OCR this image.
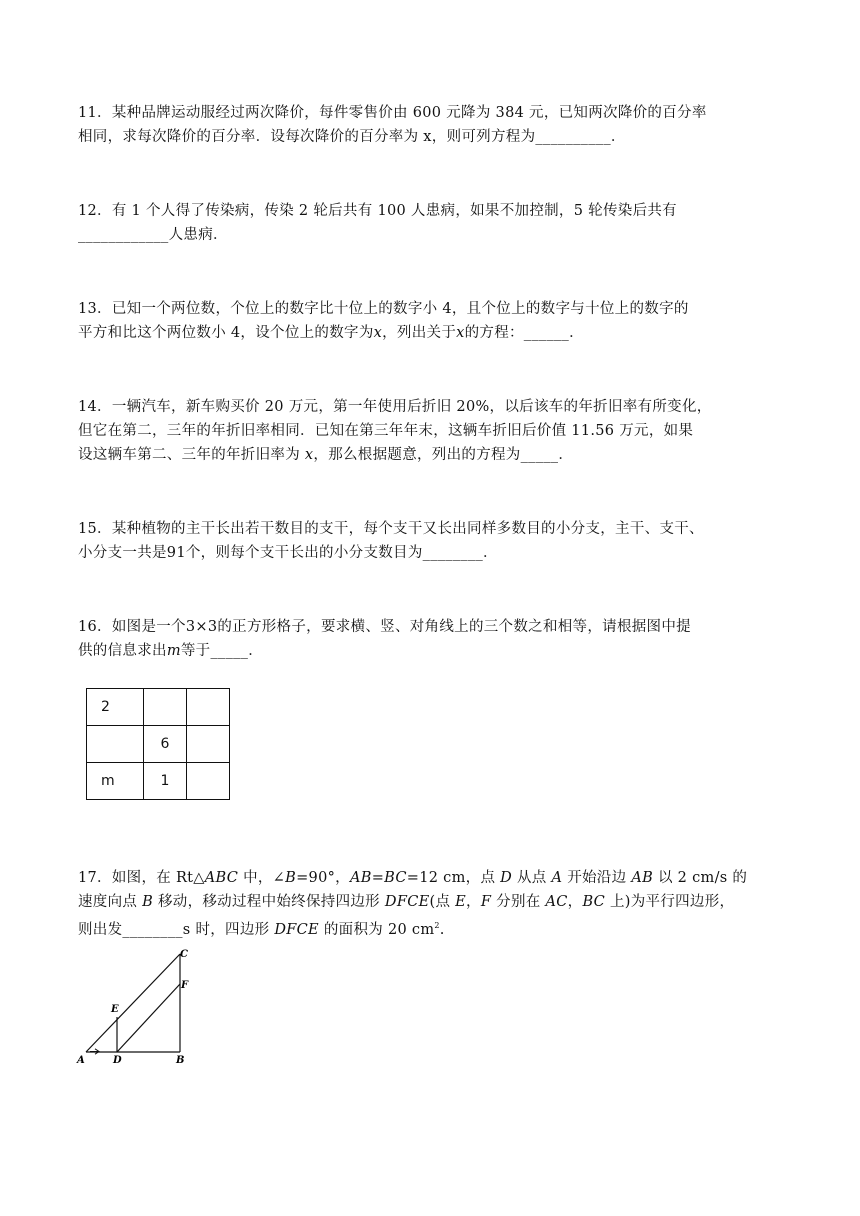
11．某种品牌运动服经过两次降价，每件零售价由 600 元降为 384 元，已知两次降价的百分率

相同，求每次降价的百分率．设每次降价的百分率为 x，则可列方程为__________．

12．有 1 个人得了传染病，传染 2 轮后共有 100 人患病，如果不加控制，5 轮传染后共有

____________人患病．

13．已知一个两位数，个位上的数字比十位上的数字小 4，且个位上的数字与十位上的数字的

平方和比这个两位数小 4，设个位上的数字为x，列出关于x的方程：______．

14．一辆汽车，新车购买价 20 万元，第一年使用后折旧 20%，以后该车的年折旧率有所变化，

但它在第二，三年的年折旧率相同．已知在第三年年末，这辆车折旧后价值 11.56 万元，如果

设这辆车第二、三年的年折旧率为 x，那么根据题意，列出的方程为_____．

15．某种植物的主干长出若干数目的支干，每个支干又长出同样多数目的小分支，主干、支干、

小分支一共是91个，则每个支干长出的小分支数目为________．

16．如图是一个3×3的正方形格子，要求横、竖、对角线上的三个数之和相等，请根据图中提

供的信息求出m等于_____．

2		
	6	
m	1	

17．如图，在 Rt△ABC 中，∠B=90°，AB=BC=12 cm，点 D 从点 A 开始沿边 AB 以 2 cm/s 的

速度向点 B 移动，移动过程中始终保持四边形 DFCE(点 E，F 分别在 AC，BC 上)为平行四边形，

则出发________s 时，四边形 DFCE 的面积为 20 $cm^2$.

A	D	B
C
E
F
